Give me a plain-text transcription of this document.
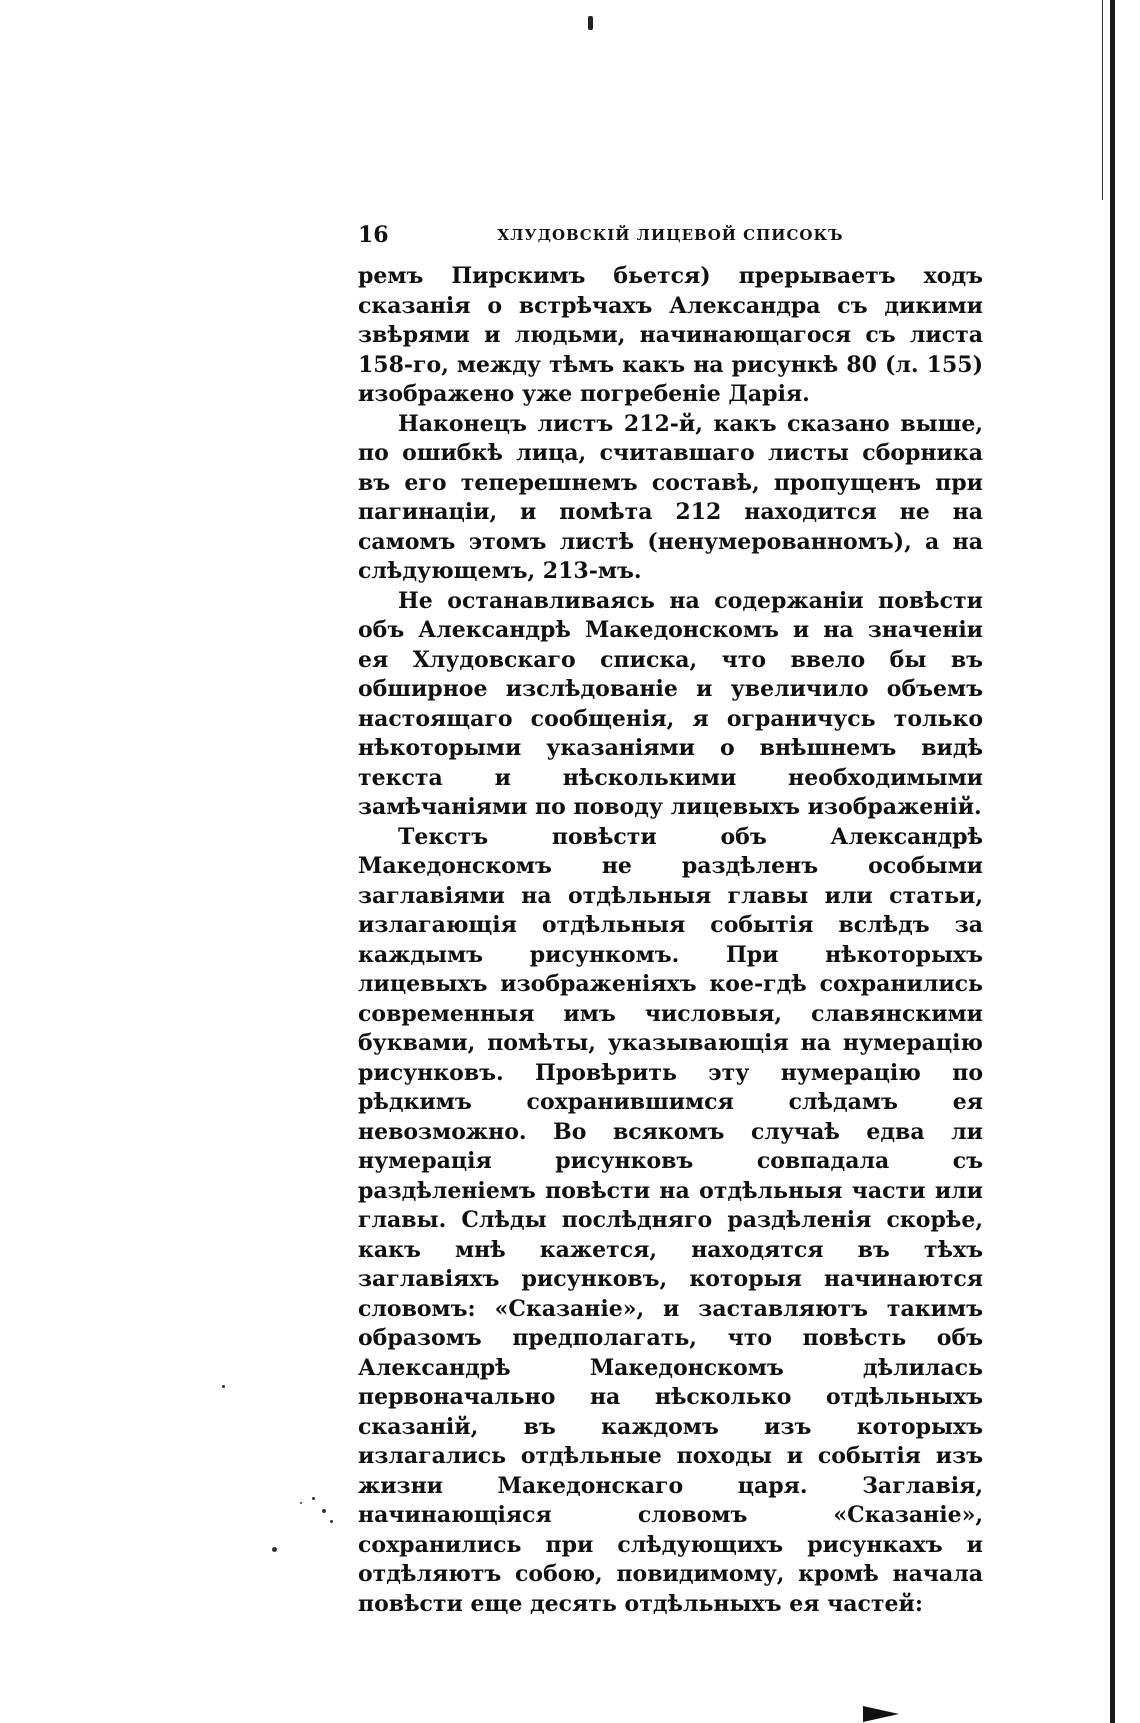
16	ХЛУДОВСКІЙ ЛИЦЕВОЙ СПИСОКЪ

ремъ Пирскимъ бьется) прерываетъ ходъ сказанія о встрѣчахъ Александра съ дикими звѣрями и людьми, начинающагося съ листа 158-го, между тѣмъ какъ на рисункѣ 80 (л. 155) изображено уже погребеніе Дарія.

Наконецъ листъ 212-й, какъ сказано выше, по ошибкѣ лица, считавшаго листы сборника въ его теперешнемъ составѣ, пропущенъ при пагинаціи, и помѣта 212 находится не на самомъ этомъ листѣ (ненумерованномъ), а на слѣдующемъ, 213-мъ.

Не останавливаясь на содержаніи повѣсти объ Александрѣ Македонскомъ и на значеніи ея Хлудовскаго списка, что ввело бы въ обширное изслѣдованіе и увеличило объемъ настоящаго сообщенія, я ограничусь только нѣкоторыми указаніями о внѣшнемъ видѣ текста и нѣсколькими необходимыми замѣчаніями по поводу лицевыхъ изображеній.

Текстъ повѣсти объ Александрѣ Македонскомъ не раздѣленъ особыми заглавіями на отдѣльныя главы или статьи, излагающія отдѣльныя событія вслѣдъ за каждымъ рисункомъ. При нѣкоторыхъ лицевыхъ изображеніяхъ кое-гдѣ сохранились современныя имъ числовыя, славянскими буквами, помѣты, указывающія на нумерацію рисунковъ. Провѣрить эту нумерацію по рѣдкимъ сохранившимся слѣдамъ ея невозможно. Во всякомъ случаѣ едва ли нумерація рисунковъ совпадала съ раздѣленіемъ повѣсти на отдѣльныя части или главы. Слѣды послѣдняго раздѣленія скорѣе, какъ мнѣ кажется, находятся въ тѣхъ заглавіяхъ рисунковъ, которыя начинаются словомъ: «Сказаніе», и заставляютъ такимъ образомъ предполагать, что повѣсть объ Александрѣ Македонскомъ дѣлилась первоначально на нѣсколько отдѣльныхъ сказаній, въ каждомъ изъ которыхъ излагались отдѣльные походы и событія изъ жизни Македонскаго царя. Заглавія, начинающіяся словомъ «Сказаніе», сохранились при слѣдующихъ рисункахъ и отдѣляютъ собою, повидимому, кромѣ начала повѣсти еще десять отдѣльныхъ ея частей:
